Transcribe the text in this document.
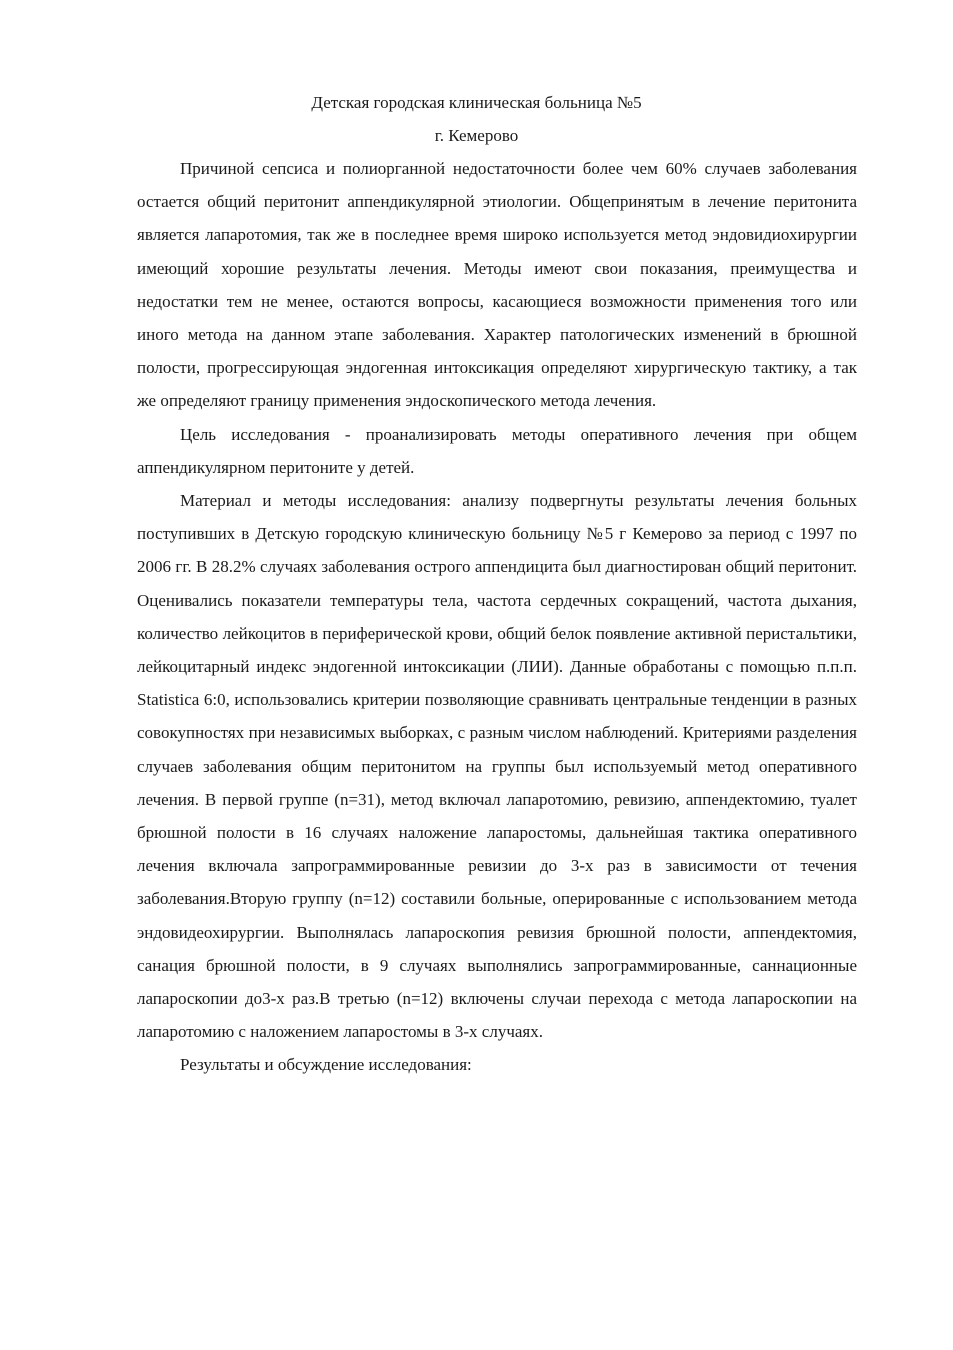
Детская городская клиническая больница №5
г. Кемерово

Причиной сепсиса и полиорганной недостаточности более чем 60% случаев заболевания остается общий перитонит аппендикулярной этиологии. Общепринятым в лечение перитонита является лапаротомия, так же в последнее время широко используется метод эндовидиохирургии имеющий хорошие результаты лечения. Методы имеют свои показания, преимущества и недостатки тем не менее, остаются вопросы, касающиеся возможности применения того или иного метода на данном этапе заболевания. Характер патологических изменений в брюшной полости, прогрессирующая эндогенная интоксикация определяют хирургическую тактику, а так же определяют границу применения эндоскопического метода лечения.

Цель исследования - проанализировать методы оперативного лечения при общем аппендикулярном перитоните у детей.

Материал и методы исследования: анализу подвергнуты результаты лечения больных поступивших в Детскую городскую клиническую больницу №5 г Кемерово за период с 1997 по 2006 гг. В 28.2% случаях заболевания острого аппендицита был диагностирован общий перитонит. Оценивались показатели температуры тела, частота сердечных сокращений, частота дыхания, количество лейкоцитов в периферической крови, общий белок появление активной перистальтики, лейкоцитарный индекс эндогенной интоксикации (ЛИИ). Данные обработаны с помощью п.п.п. Statistica 6:0, использовались критерии позволяющие сравнивать центральные тенденции в разных совокупностях при независимых выборках, с разным числом наблюдений. Критериями разделения случаев заболевания общим перитонитом на группы был используемый метод оперативного лечения. В первой группе (n=31), метод включал лапаротомию, ревизию, аппендектомию, туалет брюшной полости в 16 случаях наложение лапаростомы, дальнейшая тактика оперативного лечения включала запрограммированные ревизии до 3-х раз в зависимости от течения заболевания.Вторую группу (n=12) составили больные, оперированные с использованием метода эндовидеохирургии. Выполнялась лапароскопия ревизия брюшной полости, аппендектомия, санация брюшной полости, в 9 случаях выполнялись запрограммированные, саннационные лапароскопии до3-х раз.В третью (n=12) включены случаи перехода с метода лапароскопии на лапаротомию с наложением лапаростомы в 3-х случаях.

Результаты и обсуждение исследования:
